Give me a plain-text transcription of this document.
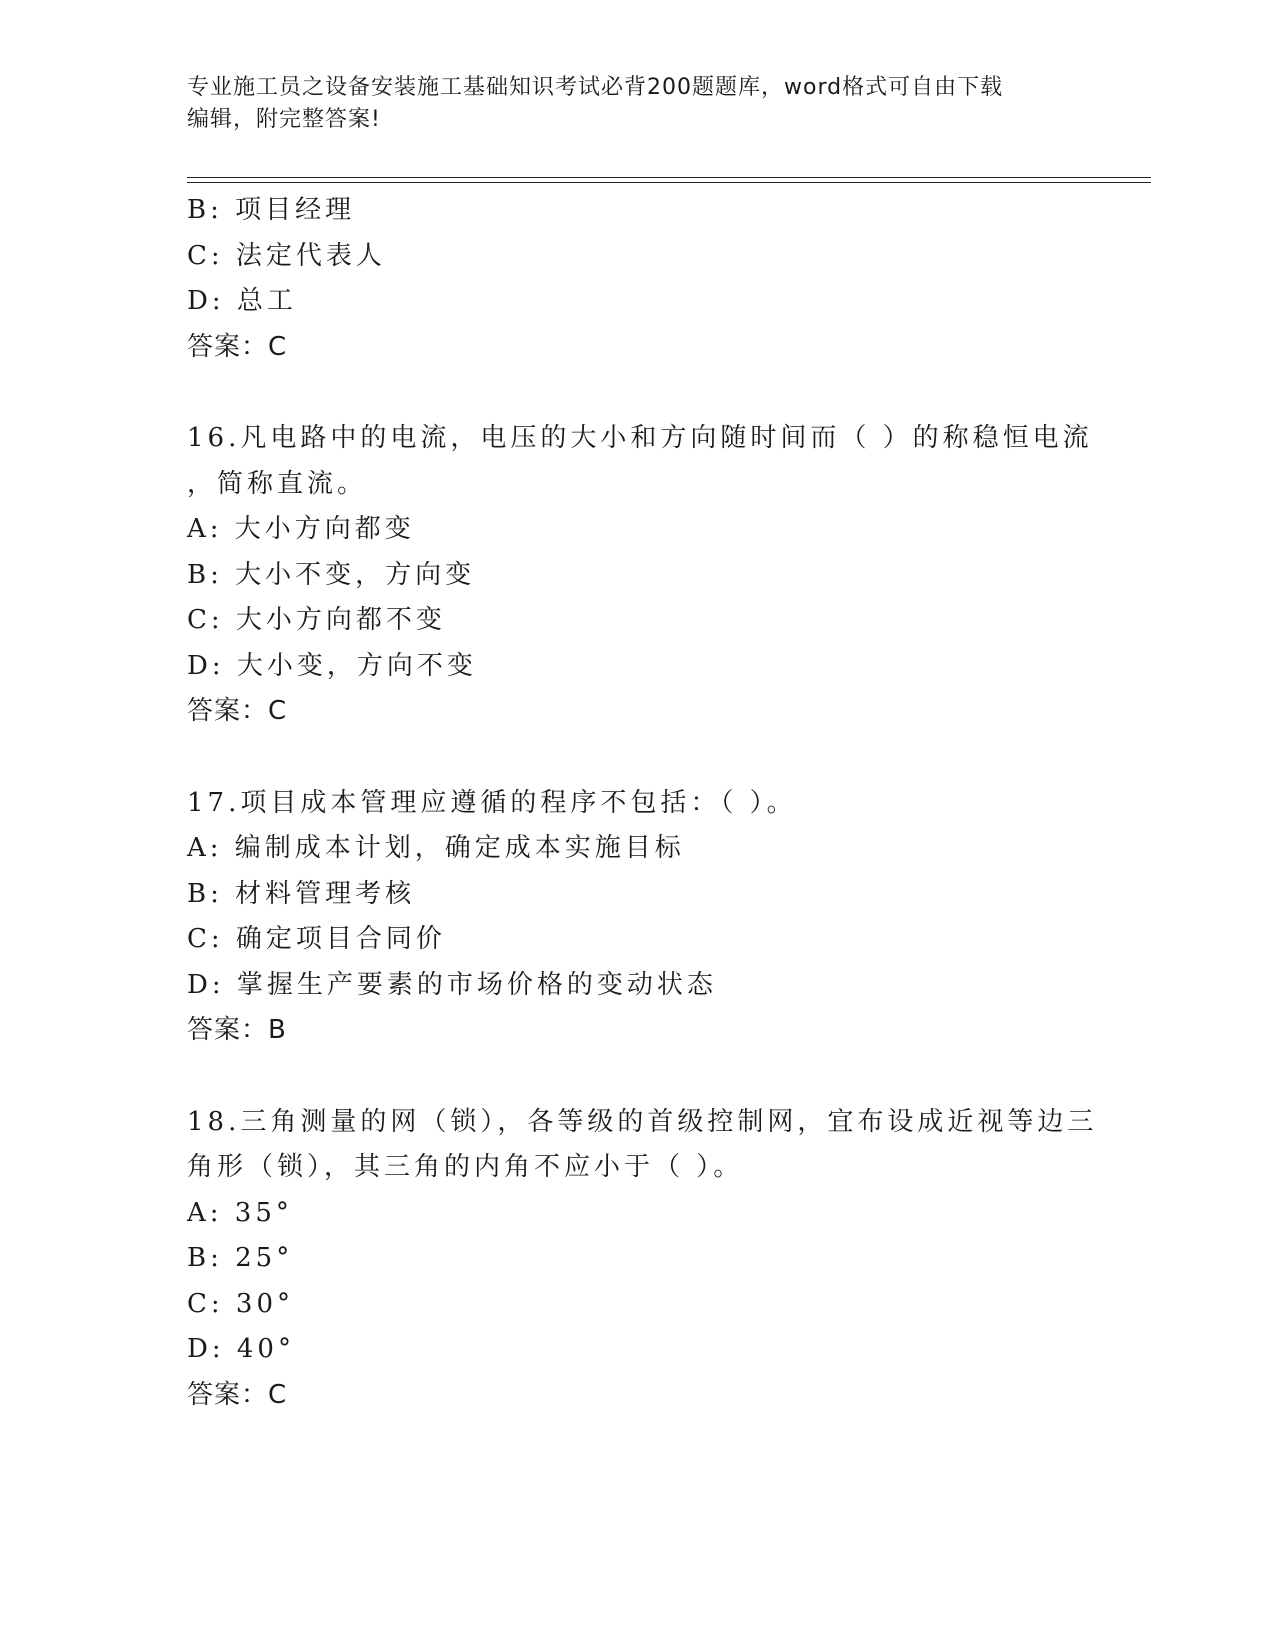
专业施工员之设备安装施工基础知识考试必背200题题库，word格式可自由下载
编辑，附完整答案!
B: 项目经理
C: 法定代表人
D: 总工
答案：C
16.凡电路中的电流，电压的大小和方向随时间而（ ）的称稳恒电流
，简称直流。
A: 大小方向都变
B: 大小不变，方向变
C: 大小方向都不变
D: 大小变，方向不变
答案：C
17.项目成本管理应遵循的程序不包括：（ ）。
A: 编制成本计划，确定成本实施目标
B: 材料管理考核
C: 确定项目合同价
D: 掌握生产要素的市场价格的变动状态
答案：B
18.三角测量的网（锁），各等级的首级控制网，宜布设成近视等边三
角形（锁），其三角的内角不应小于（ ）。
A: 35°
B: 25°
C: 30°
D: 40°
答案：C
